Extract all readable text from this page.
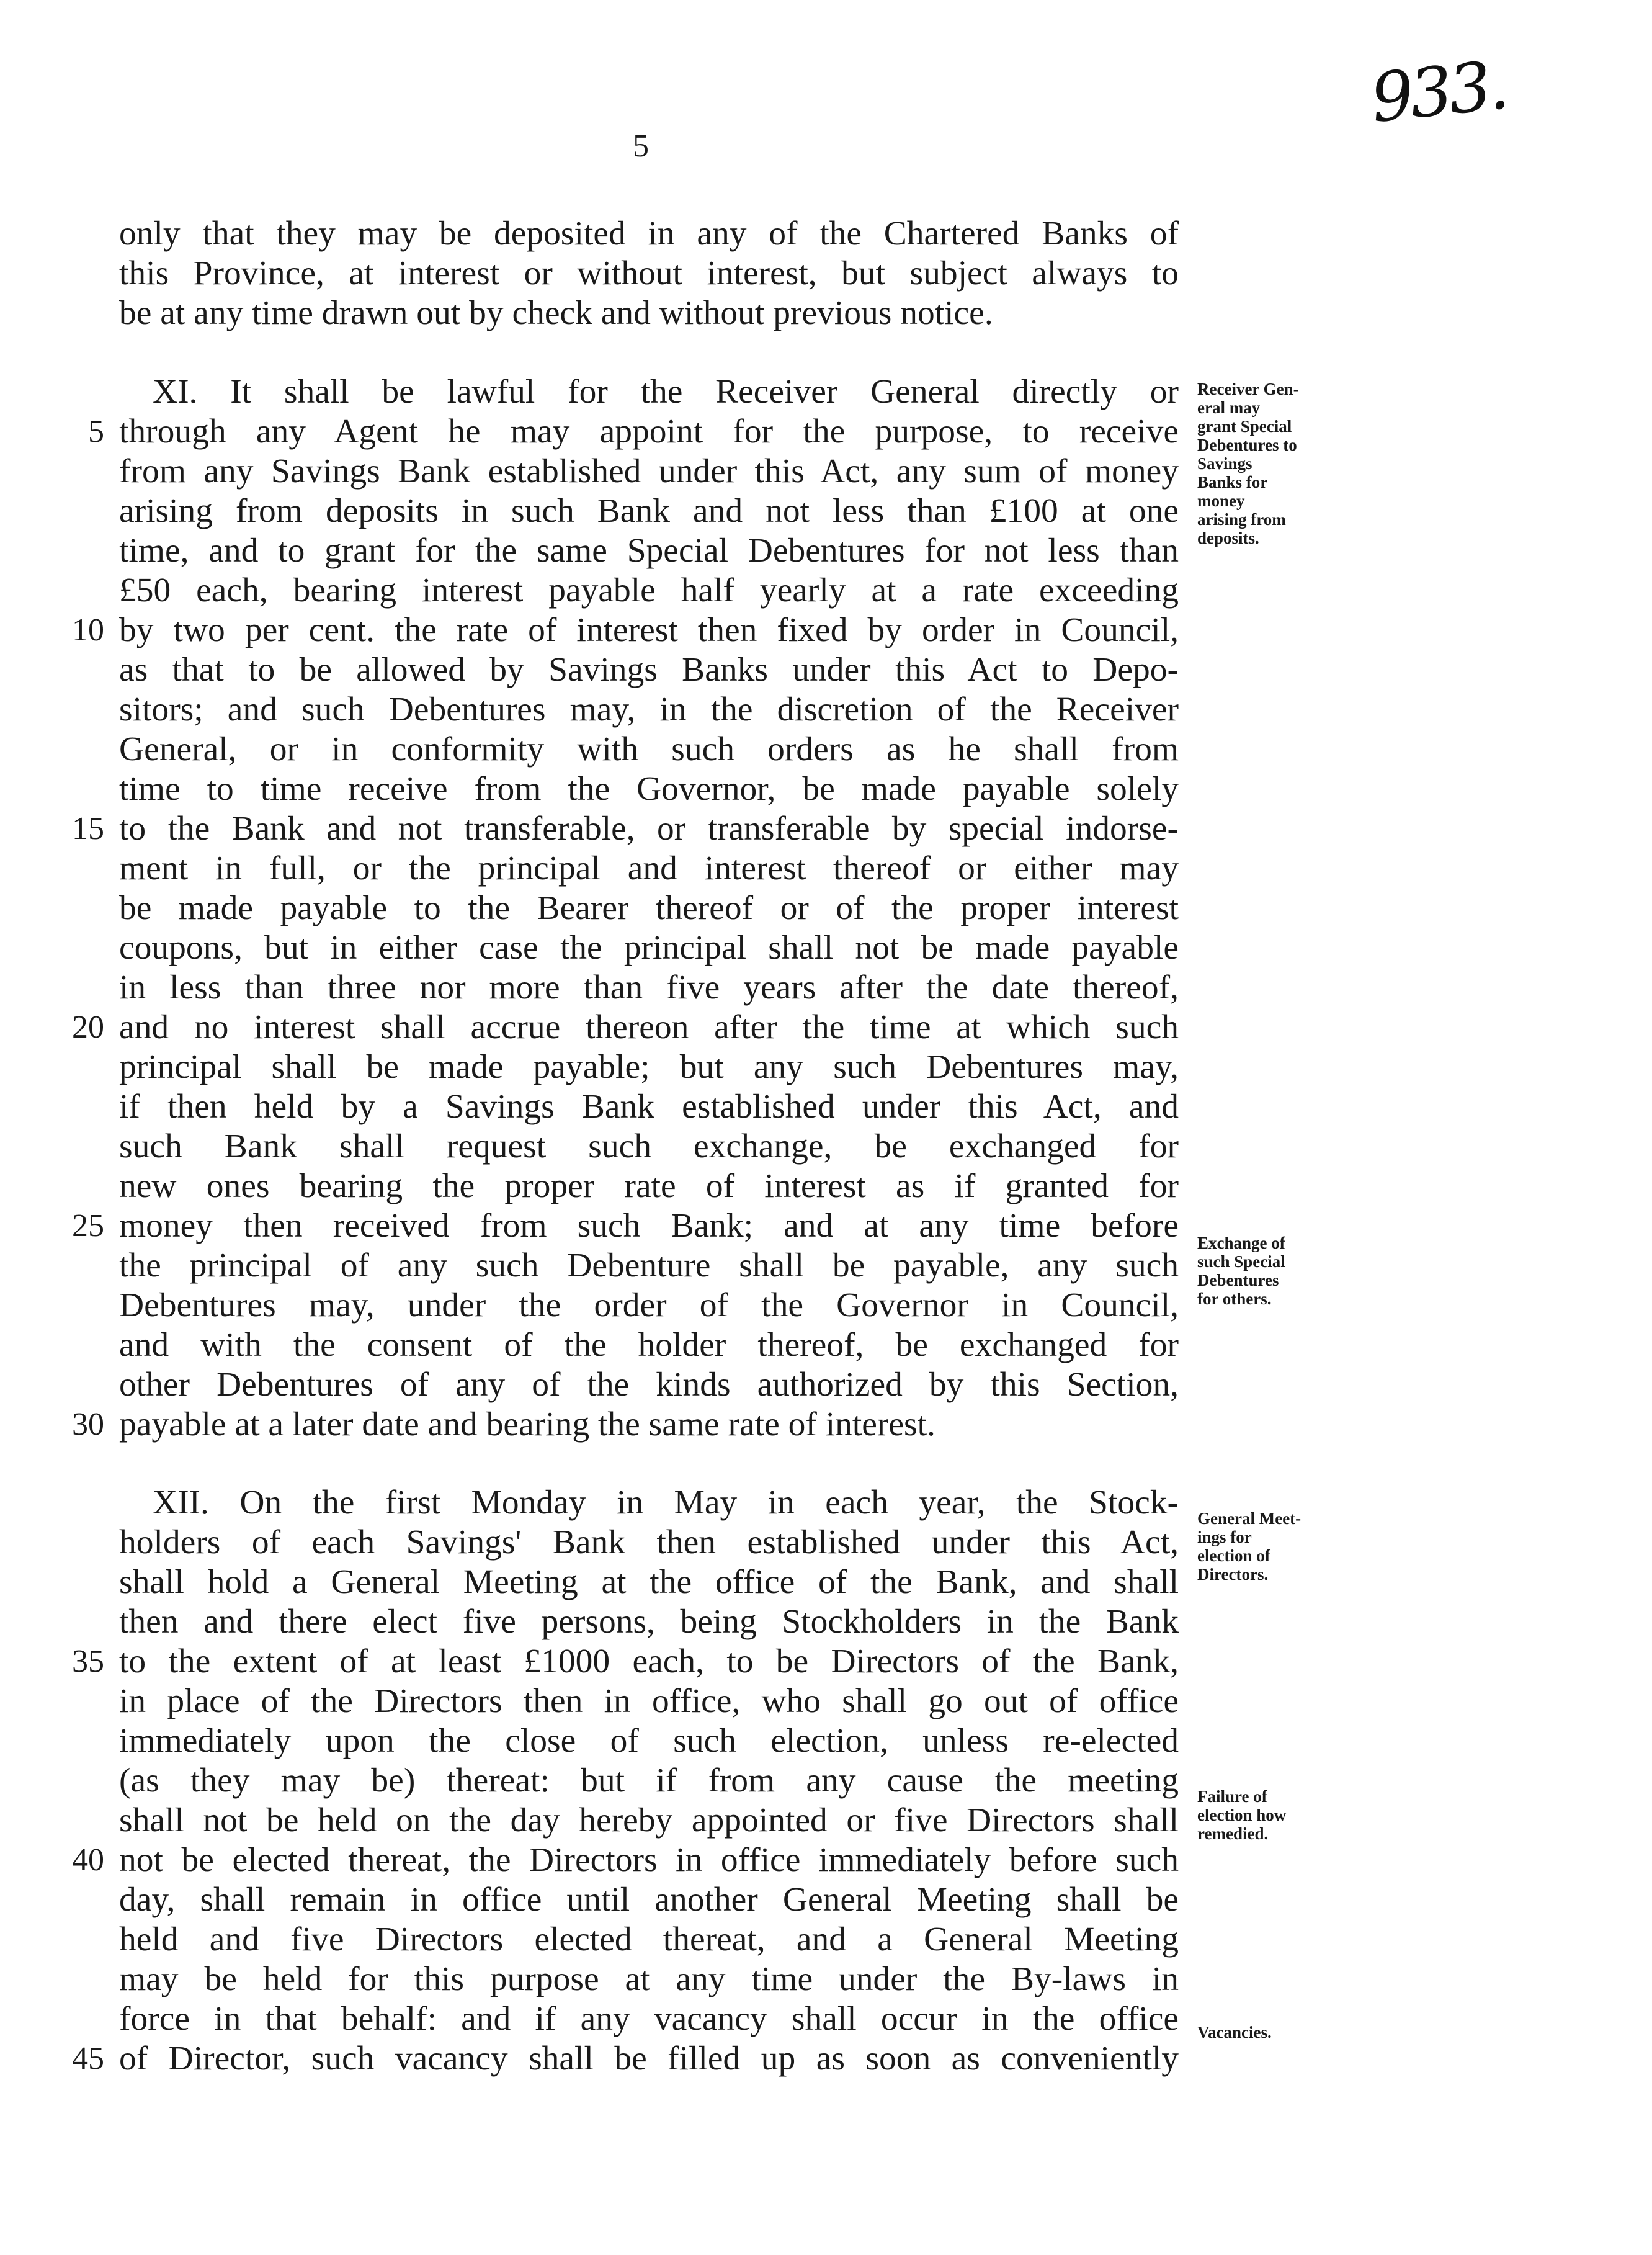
5
933.
only that they may be deposited in any of the Chartered Banks of
this Province, at interest or without interest, but subject always to
be at any time drawn out by check and without previous notice.
XI. It shall be lawful for the Receiver General directly or
through any Agent he may appoint for the purpose, to receive
from any Savings Bank established under this Act, any sum of money
arising from deposits in such Bank and not less than £100 at one
time, and to grant for the same Special Debentures for not less than
£50 each, bearing interest payable half yearly at a rate exceeding
by two per cent. the rate of interest then fixed by order in Council,
as that to be allowed by Savings Banks under this Act to Depo-
sitors; and such Debentures may, in the discretion of the Receiver
General, or in conformity with such orders as he shall from
time to time receive from the Governor, be made payable solely
to the Bank and not transferable, or transferable by special indorse-
ment in full, or the principal and interest thereof or either may
be made payable to the Bearer thereof or of the proper interest
coupons, but in either case the principal shall not be made payable
in less than three nor more than five years after the date thereof,
and no interest shall accrue thereon after the time at which such
principal shall be made payable; but any such Debentures may,
if then held by a Savings Bank established under this Act, and
such Bank shall request such exchange, be exchanged for
new ones bearing the proper rate of interest as if granted for
money then received from such Bank; and at any time before
the principal of any such Debenture shall be payable, any such
Debentures may, under the order of the Governor in Council,
and with the consent of the holder thereof, be exchanged for
other Debentures of any of the kinds authorized by this Section,
payable at a later date and bearing the same rate of interest.
XII. On the first Monday in May in each year, the Stock-
holders of each Savings' Bank then established under this Act,
shall hold a General Meeting at the office of the Bank, and shall
then and there elect five persons, being Stockholders in the Bank
to the extent of at least £1000 each, to be Directors of the Bank,
in place of the Directors then in office, who shall go out of office
immediately upon the close of such election, unless re-elected
(as they may be) thereat: but if from any cause the meeting
shall not be held on the day hereby appointed or five Directors shall
not be elected thereat, the Directors in office immediately before such
day, shall remain in office until another General Meeting shall be
held and five Directors elected thereat, and a General Meeting
may be held for this purpose at any time under the By-laws in
force in that behalf: and if any vacancy shall occur in the office
of Director, such vacancy shall be filled up as soon as conveniently
5
10
15
20
25
30
35
40
45
Receiver Gen-
eral may
grant Special
Debentures to
Savings
Banks for
money
arising from
deposits.
Exchange of
such Special
Debentures
for others.
General Meet-
ings for
election of
Directors.
Failure of
election how
remedied.
Vacancies.
